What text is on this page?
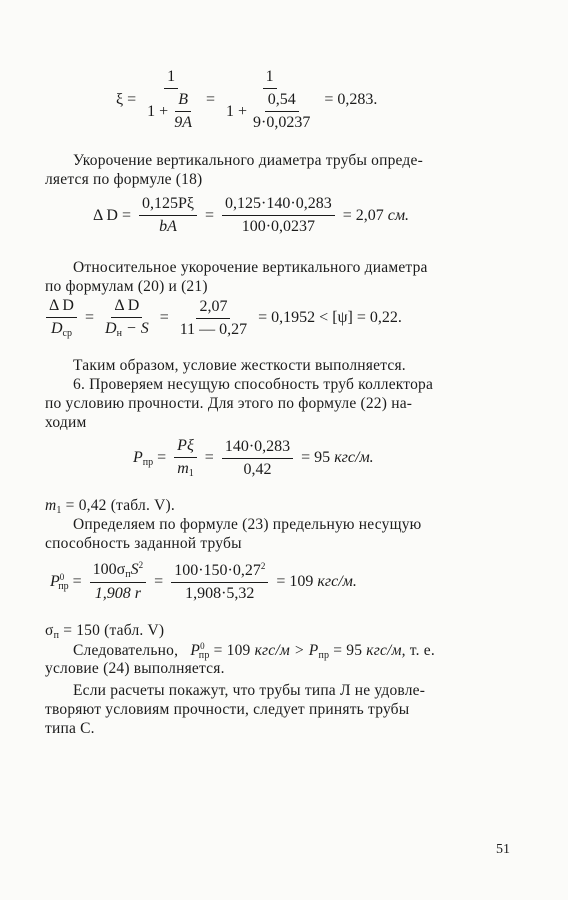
$\xi = \frac{1}{1 + \frac{B}{9A}} = \frac{1}{1 + \frac{0,54}{9\cdot 0,0237}} = 0,283$.
Укорочение вертикального диаметра трубы опреде-
ляется по формуле (18)
Δ $D = \frac{0,125P\xi}{bA} = \frac{0,125\cdot 140\cdot 0,283}{100\cdot 0,0237} = 2,07$ см.
Относительное укорочение вертикального диаметра
по формулам (20) и (21)
$\frac{\text{Δ D}}{D_{ср}} = \frac{\text{Δ D}}{D_н - S} = \frac{2,07}{11 — 0,27} = 0,1952 < [\psi] = 0,22$.
Таким образом, условие жесткости выполняется.
6. Проверяем несущую способность труб коллектора
по условию прочности. Для этого по формуле (22) на-
ходим
$P_{пр} = \frac{P\xi}{m_1} = \frac{140\cdot 0,283}{0,42} = 95$ кгс/м.
$m_1 = 0,42$ (табл. V).
Определяем по формуле (23) предельную несущую
способность заданной трубы
$P^0_{пр} = \frac{100\sigma_пS^2}{1,908 r} = \frac{100\cdot 150\cdot 0,27^2}{1,908\cdot 5,32} = 109$ кгс/м.
$\sigma_п = 150$ (табл. V)
Следовательно, $P^0_{пр} = 109$ $кгс/м > P_{пр} = 95$ кгс/м, т. е.
условие (24) выполняется.
Если расчеты покажут, что трубы типа Л не удовле-
творяют условиям прочности, следует принять трубы
типа С.
51
